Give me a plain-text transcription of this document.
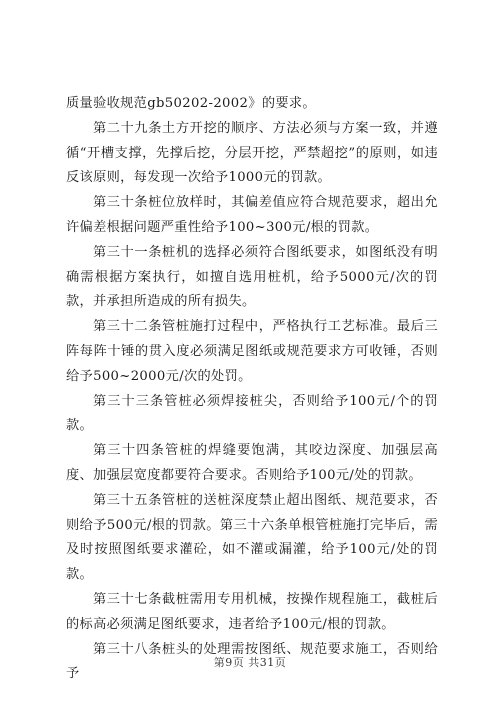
质量验收规范gb50202-2002》的要求。

第二十九条土方开挖的顺序、方法必须与方案一致，并遵循“开槽支撑，先撑后挖，分层开挖，严禁超挖”的原则，如违反该原则，每发现一次给予1000元的罚款。

第三十条桩位放样时，其偏差值应符合规范要求，超出允许偏差根据问题严重性给予100~300元/根的罚款。

第三十一条桩机的选择必须符合图纸要求，如图纸没有明确需根据方案执行，如擅自选用桩机，给予5000元/次的罚款，并承担所造成的所有损失。

第三十二条管桩施打过程中，严格执行工艺标准。最后三阵每阵十锤的贯入度必须满足图纸或规范要求方可收锤，否则给予500~2000元/次的处罚。

第三十三条管桩必须焊接桩尖，否则给予100元/个的罚款。

第三十四条管桩的焊缝要饱满，其咬边深度、加强层高度、加强层宽度都要符合要求。否则给予100元/处的罚款。

第三十五条管桩的送桩深度禁止超出图纸、规范要求，否则给予500元/根的罚款。第三十六条单根管桩施打完毕后，需及时按照图纸要求灌砼，如不灌或漏灌，给予100元/处的罚款。

第三十七条截桩需用专用机械，按操作规程施工，截桩后的标高必须满足图纸要求，违者给予100元/根的罚款。

第三十八条桩头的处理需按图纸、规范要求施工，否则给予

第9页 共31页
